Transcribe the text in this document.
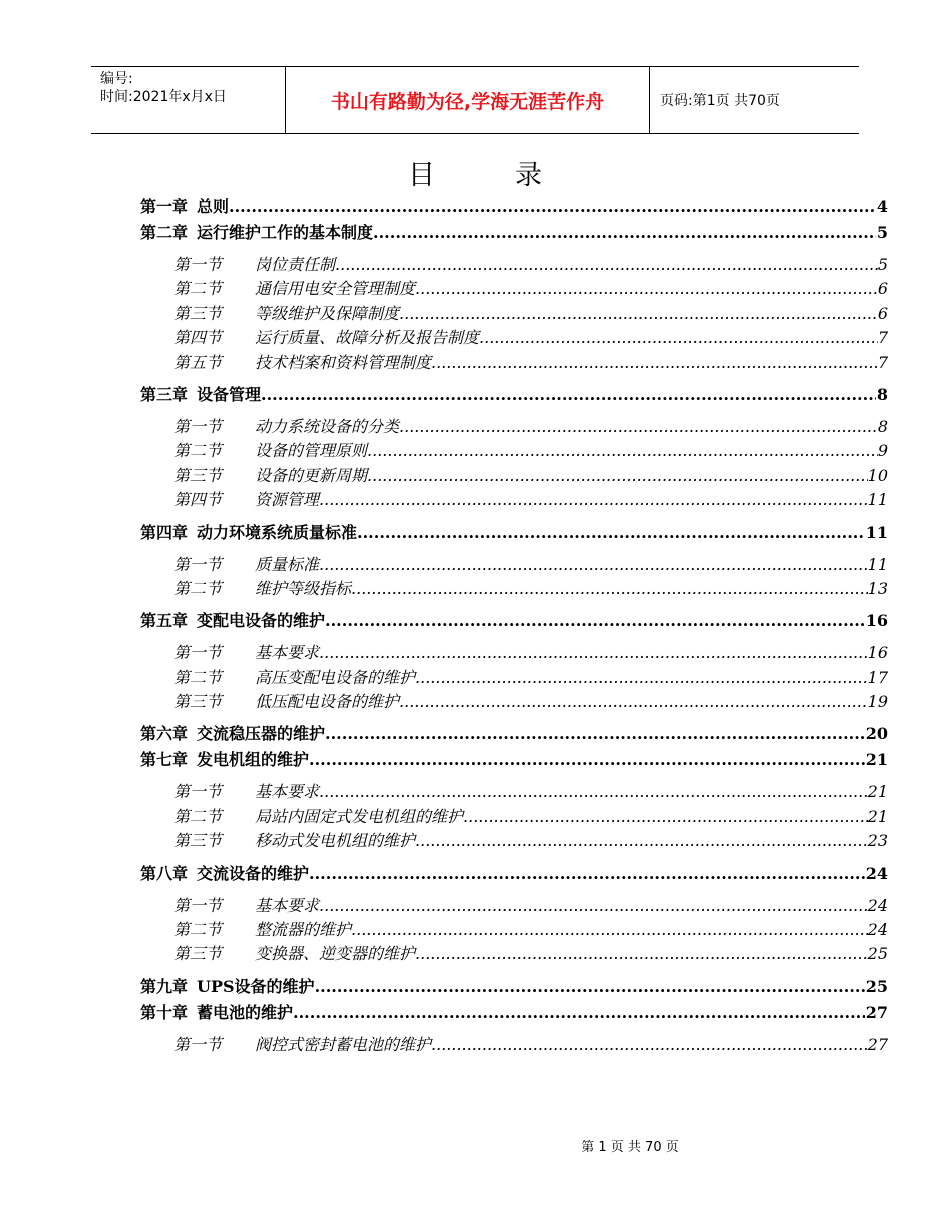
编号:
时间:2021年x月x日	书山有路勤为径,学海无涯苦作舟	页码:第1页 共70页
目	录
第一章 总则 .....	4
第二章 运行维护工作的基本制度 .....	5
第一节	岗位责任制 .....	5
第二节	通信用电安全管理制度 .....	6
第三节	等级维护及保障制度 .....	6
第四节	运行质量、故障分析及报告制度 .....	7
第五节	技术档案和资料管理制度 .....	7
第三章 设备管理 .....	8
第一节	动力系统设备的分类 .....	8
第二节	设备的管理原则 .....	9
第三节	设备的更新周期 .....	10
第四节	资源管理 .....	11
第四章 动力环境系统质量标准 .....	11
第一节	质量标准 .....	11
第二节	维护等级指标 .....	13
第五章 变配电设备的维护 .....	16
第一节	基本要求 .....	16
第二节	高压变配电设备的维护 .....	17
第三节	低压配电设备的维护 .....	19
第六章 交流稳压器的维护 .....	20
第七章 发电机组的维护 .....	21
第一节	基本要求 .....	21
第二节	局站内固定式发电机组的维护 .....	21
第三节	移动式发电机组的维护 .....	23
第八章 交流设备的维护 .....	24
第一节	基本要求 .....	24
第二节	整流器的维护 .....	24
第三节	变换器、逆变器的维护 .....	25
第九章 UPS设备的维护 .....	25
第十章 蓄电池的维护 .....	27
第一节	阀控式密封蓄电池的维护 .....	27
第 1 页 共 70 页
